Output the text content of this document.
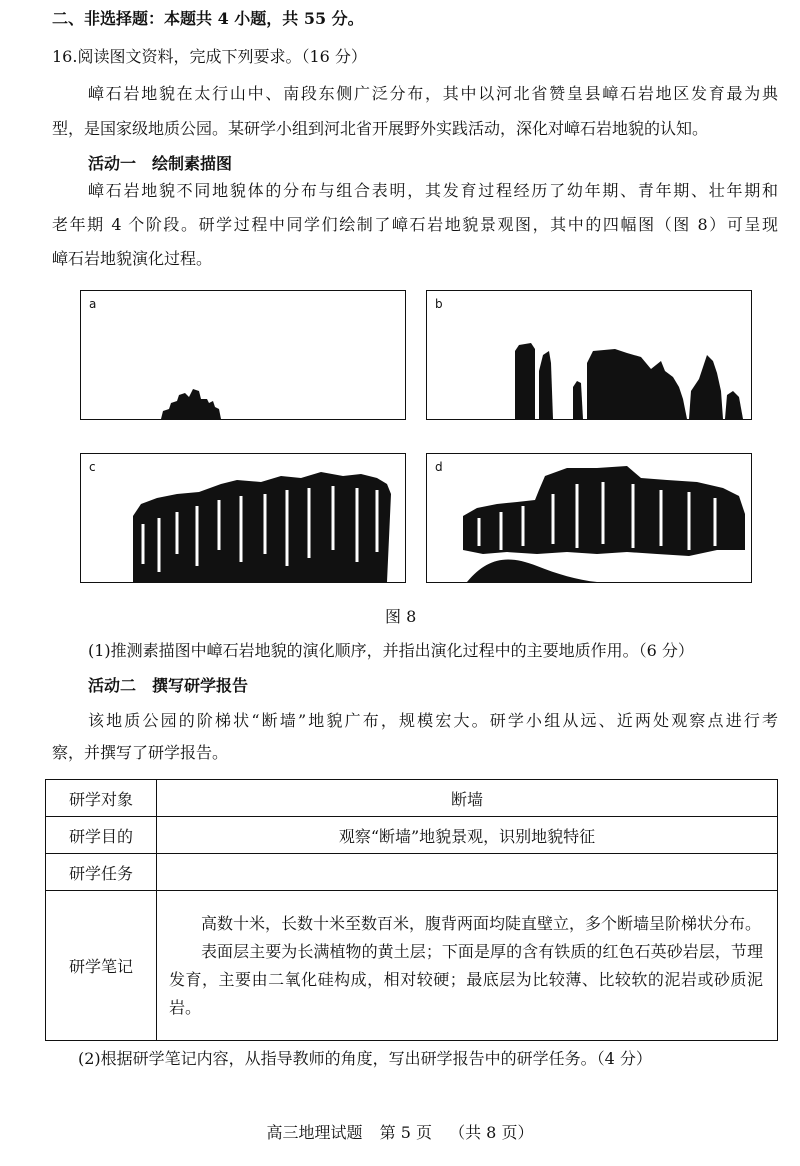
二、非选择题：本题共 4 小题，共 55 分。
16.阅读图文资料，完成下列要求。（16 分）
嶂石岩地貌在太行山中、南段东侧广泛分布，其中以河北省赞皇县嶂石岩地区发育最为典
型，是国家级地质公园。某研学小组到河北省开展野外实践活动，深化对嶂石岩地貌的认知。
活动一　绘制素描图
嶂石岩地貌不同地貌体的分布与组合表明，其发育过程经历了幼年期、青年期、壮年期和
老年期 4 个阶段。研学过程中同学们绘制了嶂石岩地貌景观图，其中的四幅图（图 8）可呈现
嶂石岩地貌演化过程。
a	b
c	d
图 8
(1)推测素描图中嶂石岩地貌的演化顺序，并指出演化过程中的主要地质作用。（6 分）
活动二　撰写研学报告
该地质公园的阶梯状“断墙”地貌广布，规模宏大。研学小组从远、近两处观察点进行考
察，并撰写了研学报告。
研学对象	断墙
研学目的	观察“断墙”地貌景观，识别地貌特征
研学任务	
研学笔记	高数十米，长数十米至数百米，腹背两面均陡直壁立，多个断墙呈阶梯状分布。

表面层主要为长满植物的黄土层；下面是厚的含有铁质的红色石英砂岩层，节理发育，主要由二氧化硅构成，相对较硬；最底层为比较薄、比较软的泥岩或砂质泥岩。

(2)根据研学笔记内容，从指导教师的角度，写出研学报告中的研学任务。（4 分）
高三地理试题 第 5 页 （共 8 页）
